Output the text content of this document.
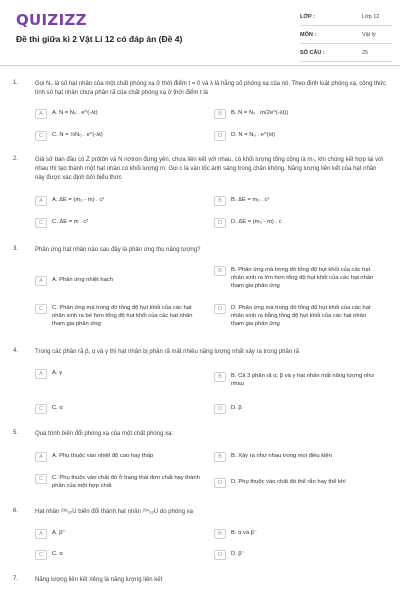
QUIZIZZ
Đề thi giữa kì 2 Vật Lí 12 có đáp án (Đề 4)
LỚP :	Lớp 12
MÔN :	Vật lý
SỐ CÂU :	25
1.	Gọi N₀ là số hạt nhân của một chất phóng xạ ở thời điểm t = 0 và λ là hằng số phóng xạ của nó. Theo định luật phóng xạ, công thức tính số hạt nhân chưa phân rã của chất phóng xạ ở thời điểm t là
A	A. N = N₀ . e^(-λt)	B	B. N = N₀ . ln(2e^(-λt))
C	C. N = ½N₀ . e^(-λt)	D	D. N = N₀ . e^(λt)
2.	Giả sử ban đầu có Z prôtôn và N nơtron đứng yên, chưa liên kết với nhau, có khối lượng tổng cộng là m₀, khi chúng kết hợp lại với nhau thì tạo thành một hạt nhân có khối lượng m. Gọi c là vận tốc ánh sáng trong chân không. Năng lượng liên kết của hạt nhân này được xác định bởi biểu thức
A	A. ΔE = (m₀ - m) . c²	B	B. ΔE = m₀ . c²
C	C. ΔE = m . c²	D	D. ΔE = (m₀ - m) . c
3.	Phản ứng hạt nhân nào sau đây là phản ứng thu năng lượng?
A	A. Phản ứng nhiệt hạch
B	B. Phản ứng mà trong đó tổng độ hụt khối của các hạt nhân sinh ra lớn hơn tổng độ hụt khối của các hạt nhân tham gia phản ứng
C	C. Phản ứng mà trong đó tổng độ hụt khối của các hạt nhân sinh ra bé hơn tổng độ hụt khối của các hạt nhân tham gia phản ứng
D	D. Phản ứng mà trong đó tổng độ hụt khối của các hạt nhân sinh ra bằng tổng độ hụt khối của các hạt nhân tham gia phản ứng
4.	Trong các phân rã β, α và γ thì hạt nhân bị phân rã mất nhiều năng lượng nhất xảy ra trong phân rã
A	A. γ
B	B. Cả 3 phân rã α, β và γ hạt nhân mất năng lượng như nhau
C	C. α	D	D. β
5.	Quá trình biến đổi phóng xạ của một chất phóng xạ:
A	A. Phụ thuộc vào nhiệt độ cao hay thấp	B	B. Xảy ra như nhau trong mọi điều kiện
C	C. Phụ thuộc vào chất đó ở trạng thái đơn chất hay thành phần của một hợp chất	D	D. Phụ thuộc vào chất đó thể rắn hay thể khí
6.	Hạt nhân ²³⁸₉₂U biến đổi thành hạt nhân ²³⁴₉₂U do phóng xạ
A	A. β⁺	B	B. α và β⁻
C	C. α	D	D. β⁻
7.	Năng lượng liên kết riêng là năng lượng liên kết
